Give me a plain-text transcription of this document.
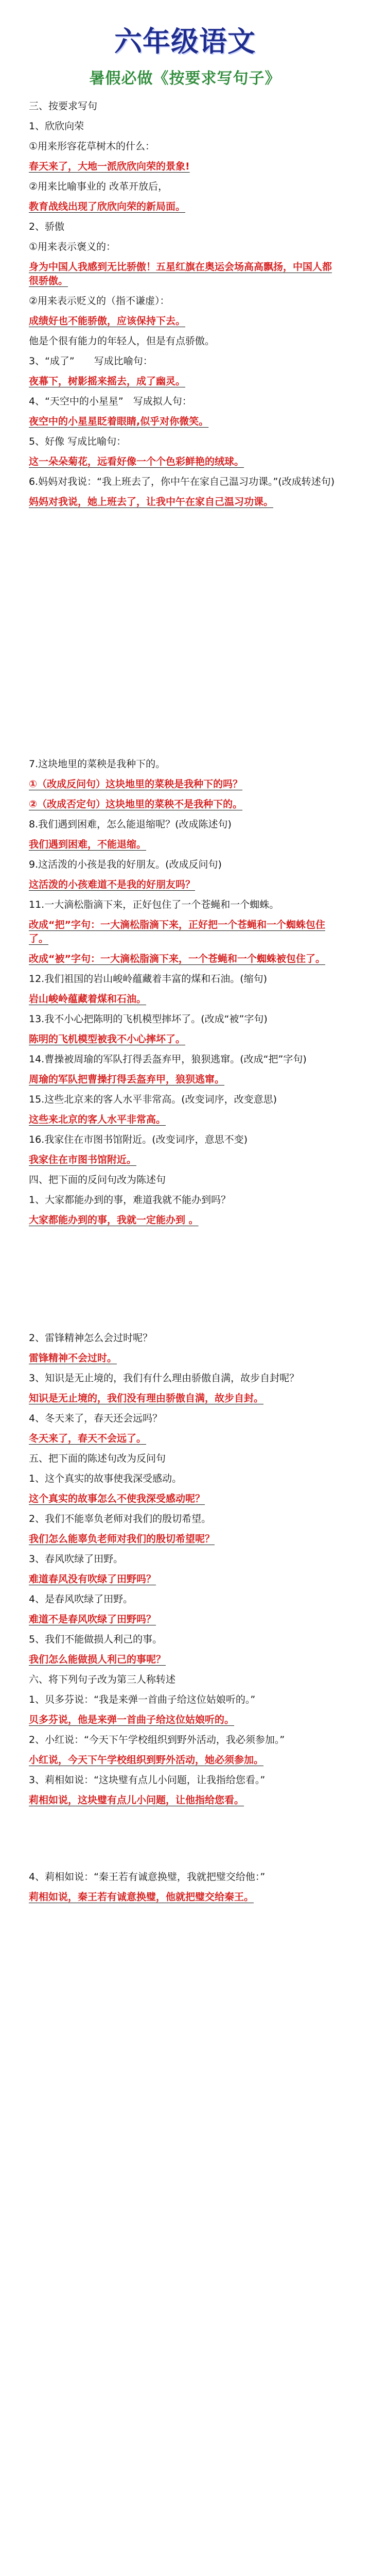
六年级语文
暑假必做《按要求写句子》
三、按要求写句
1、欣欣向荣
①用来形容花草树木的什么：
春天来了，大地一派欣欣向荣的景象!
②用来比喻事业的 改革开放后，
教育战线出现了欣欣向荣的新局面。
2、骄傲
①用来表示褒义的：
身为中国人我感到无比骄傲！五星红旗在奥运会场高高飘扬，中国人都很骄傲。
②用来表示贬义的（指不谦虚）：
成绩好也不能骄傲，应该保持下去。
他是个很有能力的年轻人，但是有点骄傲。
3、“成了”　　写成比喻句：
夜幕下，树影摇来摇去，成了幽灵。
4、“天空中的小星星”　写成拟人句：
夜空中的小星星眨着眼睛,似乎对你微笑。
5、好像 写成比喻句：
这一朵朵菊花，远看好像一个个色彩鲜艳的绒球。
6.妈妈对我说：“我上班去了，你中午在家自己温习功课。”(改成转述句)
妈妈对我说，她上班去了，让我中午在家自己温习功课。
7.这块地里的菜秧是我种下的。
①（改成反问句）这块地里的菜秧是我种下的吗？
②（改成否定句）这块地里的菜秧不是我种下的。
8.我们遇到困难，怎么能退缩呢？(改成陈述句)
我们遇到困难，不能退缩。
9.这活泼的小孩是我的好朋友。(改成反问句)
这活泼的小孩难道不是我的好朋友吗？
11.一大滴松脂滴下来，正好包住了一个苍蝇和一个蜘蛛。
改成“把”字句：一大滴松脂滴下来，正好把一个苍蝇和一个蜘蛛包住了。
改成“被”字句：一大滴松脂滴下来，一个苍蝇和一个蜘蛛被包住了。
12.我们祖国的岩山峻岭蕴藏着丰富的煤和石油。(缩句)
岩山峻岭蕴藏着煤和石油。
13.我不小心把陈明的飞机模型摔坏了。(改成“被”字句)
陈明的飞机模型被我不小心摔坏了。
14.曹操被周瑜的军队打得丢盔弃甲，狼狈逃窜。(改成“把”字句)
周瑜的军队把曹操打得丢盔弃甲，狼狈逃窜。
15.这些北京来的客人水平非常高。(改变词序，改变意思)
这些来北京的客人水平非常高。
16.我家住在市图书馆附近。(改变词序，意思不变)
我家住在市图书馆附近。
四、把下面的反问句改为陈述句
1、大家都能办到的事，难道我就不能办到吗？
大家都能办到的事，我就一定能办到 。
2、雷锋精神怎么会过时呢？
雷锋精神不会过时。
3、知识是无止境的，我们有什么理由骄傲自满，故步自封呢？
知识是无止境的，我们没有理由骄傲自满，故步自封。
4、冬天来了，春天还会远吗？
冬天来了，春天不会远了。
五、把下面的陈述句改为反问句
1、这个真实的故事使我深受感动。
这个真实的故事怎么不使我深受感动呢？
2、我们不能辜负老师对我们的殷切希望。
我们怎么能辜负老师对我们的殷切希望呢？
3、春风吹绿了田野。
难道春风没有吹绿了田野吗？
4、是春风吹绿了田野。
难道不是春风吹绿了田野吗？
5、我们不能做损人利己的事。
我们怎么能做损人利己的事呢？
六、将下列句子改为第三人称转述
1、贝多芬说：“我是来弹一首曲子给这位姑娘听的。”
贝多芬说，他是来弹一首曲子给这位姑娘听的。
2、小红说：“今天下午学校组织到野外活动，我必须参加。”
小红说，今天下午学校组织到野外活动，她必须参加。
3、莉相如说：“这块璧有点儿小问题，让我指给您看。”
莉相如说，这块璧有点儿小问题，让他指给您看。
4、莉相如说：“秦王若有诚意换璧，我就把璧交给他：”
莉相如说，秦王若有诚意换璧，他就把璧交给秦王。
